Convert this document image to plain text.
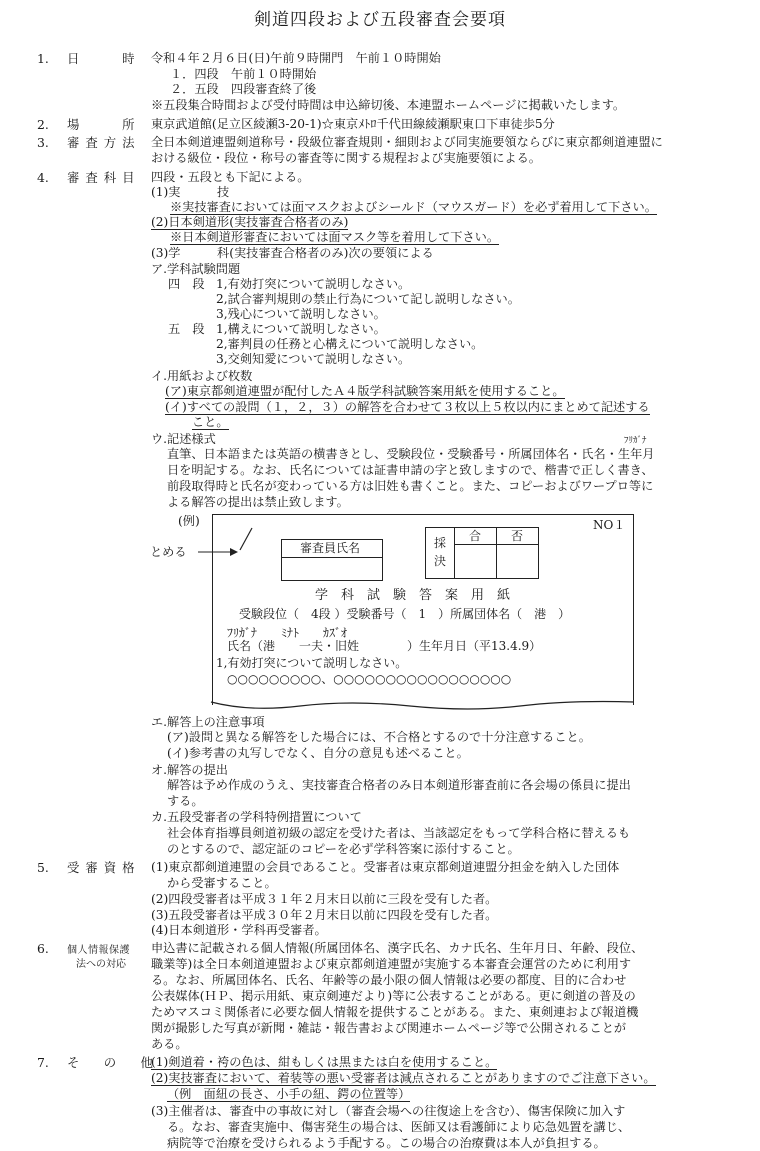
剣道四段および五段審査会要項
1. 日　　時 令和４年２月６日(日)午前９時開門　午前１０時開始
１．四段　午前１０時開始
２．五段　四段審査終了後
※五段集合時間および受付時間は申込締切後、本連盟ホームページに掲載いたします。
2. 場　　所 東京武道館(足立区綾瀬3-20-1)☆東京ﾒﾄﾛ千代田線綾瀬駅東口下車徒歩5分
3. 審査方法 全日本剣道連盟剣道称号・段級位審査規則・細則および同実施要領ならびに東京都剣道連盟に
おける級位・段位・称号の審査等に関する規程および実施要領による。
4. 審査科目 四段・五段とも下記による。
(1)実　　　技
※実技審査においては面マスクおよびシールド（マウスガード）を必ず着用して下さい。
(2)日本剣道形(実技審査合格者のみ)
※日本剣道形審査においては面マスク等を着用して下さい。
(3)学　　　科(実技審査合格者のみ)次の要領による
ア.学科試験問題
四　段 1,有効打突について説明しなさい。
2,試合審判規則の禁止行為について記し説明しなさい。
3,残心について説明しなさい。
五　段 1,構えについて説明しなさい。
2,審判員の任務と心構えについて説明しなさい。
3,交剣知愛について説明しなさい。
イ.用紙および枚数
(ア)東京都剣道連盟が配付したＡ４版学科試験答案用紙を使用すること。
(イ)すべての設問（１，２，３）の解答を合わせて３枚以上５枚以内にまとめて記述する
こと。
ウ.記述様式	ﾌﾘｶﾞﾅ
直筆、日本語または英語の横書きとし、受験段位・受験番号・所属団体名・氏名・生年月
日を明記する。なお、氏名については証書申請の字と致しますので、楷書で正しく書き、
前段取得時と氏名が変わっている方は旧姓も書くこと。また、コピーおよびワープロ等に
よる解答の提出は禁止致します。
(例)
とめる
NO１
審査員氏名	採
決
合 否
学　科　試　験　答　案　用　紙
受験段位（　4段 ）受験番号（　1　）所属団体名（　港　）
ﾌﾘｶﾞﾅ ﾐﾅﾄ ｶｽﾞｵ
氏名（港　　一夫・旧姓　　　　）生年月日（平13.4.9）
1,有効打突について説明しなさい。
○○○○○○○○○、○○○○○○○○○○○○○○○○○
エ.解答上の注意事項
(ア)設問と異なる解答をした場合には、不合格とするので十分注意すること。
(イ)参考書の丸写しでなく、自分の意見も述べること。
オ.解答の提出
解答は予め作成のうえ、実技審査合格者のみ日本剣道形審査前に各会場の係員に提出
する。
カ.五段受審者の学科特例措置について
社会体育指導員剣道初級の認定を受けた者は、当該認定をもって学科合格に替えるも
のとするので、認定証のコピーを必ず学科答案に添付すること。
5. 受審資格 (1)東京都剣道連盟の会員であること。受審者は東京都剣道連盟分担金を納入した団体
から受審すること。
(2)四段受審者は平成３１年２月末日以前に三段を受有した者。
(3)五段受審者は平成３０年２月末日以前に四段を受有した者。
(4)日本剣道形・学科再受審者。
6. 個人情報保護
法への対応
申込書に記載される個人情報(所属団体名、漢字氏名、カナ氏名、生年月日、年齢、段位、
職業等)は全日本剣道連盟および東京都剣道連盟が実施する本審査会運営のために利用す
る。なお、所属団体名、氏名、年齢等の最小限の個人情報は必要の都度、目的に合わせ
公表媒体(ＨＰ、掲示用紙、東京剣連だより)等に公表することがある。更に剣道の普及の
ためマスコミ関係者に必要な個人情報を提供することがある。また、東剣連および報道機
関が撮影した写真が新聞・雑誌・報告書および関連ホームページ等で公開されることが
ある。
7. そ　の　他
(1)剣道着・袴の色は、紺もしくは黒または白を使用すること。
(2)実技審査において、着装等の悪い受審者は減点されることがありますのでご注意下さい。
（例　面紐の長さ、小手の紐、鍔の位置等）
(3)主催者は、審査中の事故に対し（審査会場への往復途上を含む）、傷害保険に加入す
る。なお、審査実施中、傷害発生の場合は、医師又は看護師により応急処置を講じ、
病院等で治療を受けられるよう手配する。この場合の治療費は本人が負担する。
